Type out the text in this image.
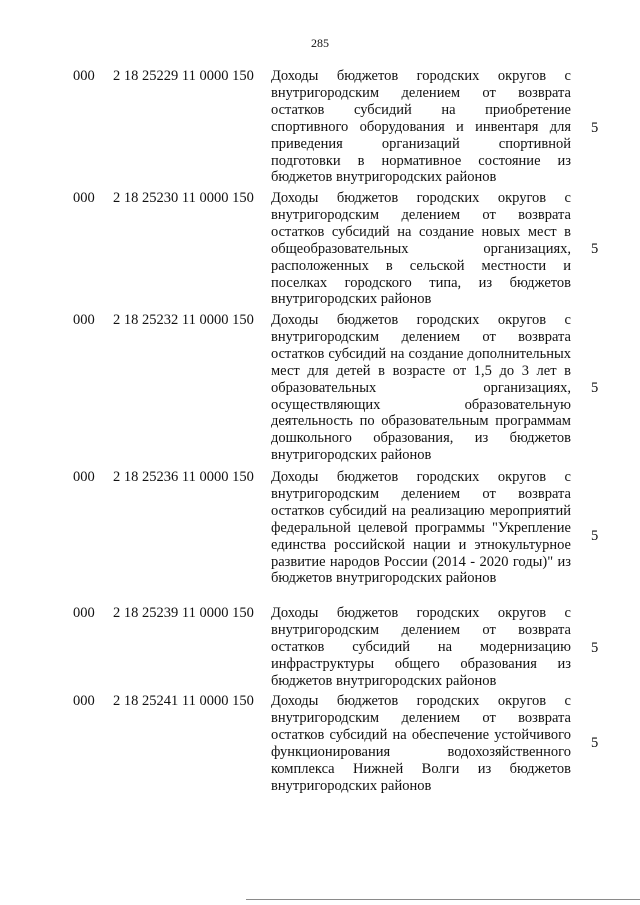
285
000 2 18 25229 11 0000 150 Доходы бюджетов городских округов с внутригородским делением от возврата остатков субсидий на приобретение спортивного оборудования и инвентаря для приведения организаций спортивной подготовки в нормативное состояние из бюджетов внутригородских районов

5
000 2 18 25230 11 0000 150 Доходы бюджетов городских округов с внутригородским делением от возврата остатков субсидий на создание новых мест в общеобразовательных организациях, расположенных в сельской местности и поселках городского типа, из бюджетов внутригородских районов

5
000 2 18 25232 11 0000 150 Доходы бюджетов городских округов с внутригородским делением от возврата остатков субсидий на создание дополнительных мест для детей в возрасте от 1,5 до 3 лет в образовательных организациях, осуществляющих образовательную деятельность по образовательным программам дошкольного образования, из бюджетов внутригородских районов

5
000 2 18 25236 11 0000 150 Доходы бюджетов городских округов с внутригородским делением от возврата остатков субсидий на реализацию мероприятий федеральной целевой программы "Укрепление единства российской нации и этнокультурное развитие народов России (2014 - 2020 годы)" из бюджетов внутригородских районов

5
000 2 18 25239 11 0000 150 Доходы бюджетов городских округов с внутригородским делением от возврата остатков субсидий на модернизацию инфраструктуры общего образования из бюджетов внутригородских районов

5
000 2 18 25241 11 0000 150 Доходы бюджетов городских округов с внутригородским делением от возврата остатков субсидий на обеспечение устойчивого функционирования водохозяйственного комплекса Нижней Волги из бюджетов внутригородских районов

5
